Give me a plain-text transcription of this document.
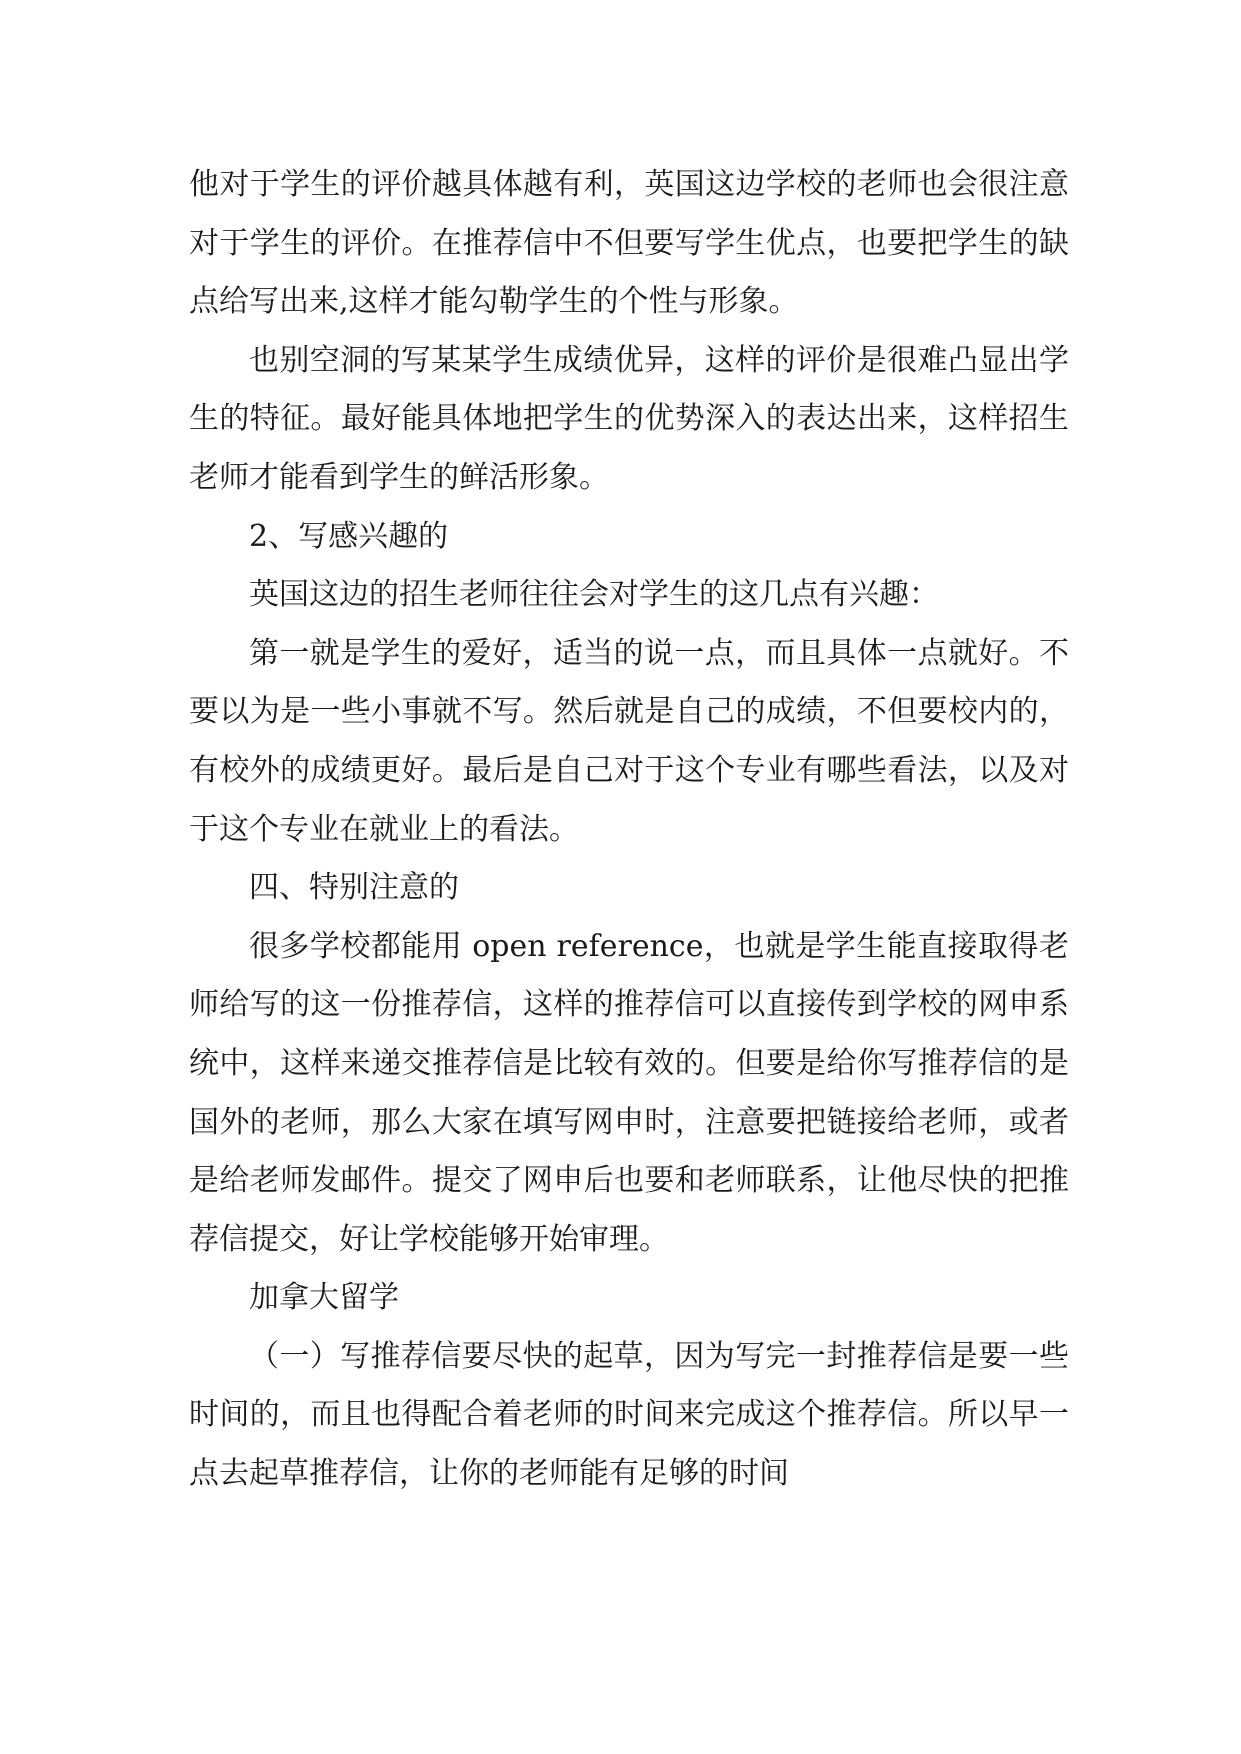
他对于学生的评价越具体越有利，英国这边学校的老师也会很注意对于学生的评价。在推荐信中不但要写学生优点，也要把学生的缺点给写出来,这样才能勾勒学生的个性与形象。

也别空洞的写某某学生成绩优异，这样的评价是很难凸显出学生的特征。最好能具体地把学生的优势深入的表达出来，这样招生老师才能看到学生的鲜活形象。

2、写感兴趣的

英国这边的招生老师往往会对学生的这几点有兴趣：

第一就是学生的爱好，适当的说一点，而且具体一点就好。不要以为是一些小事就不写。然后就是自己的成绩，不但要校内的，有校外的成绩更好。最后是自己对于这个专业有哪些看法，以及对于这个专业在就业上的看法。

四、特别注意的

很多学校都能用 open reference，也就是学生能直接取得老师给写的这一份推荐信，这样的推荐信可以直接传到学校的网申系统中，这样来递交推荐信是比较有效的。但要是给你写推荐信的是国外的老师，那么大家在填写网申时，注意要把链接给老师，或者是给老师发邮件。提交了网申后也要和老师联系，让他尽快的把推荐信提交，好让学校能够开始审理。

加拿大留学

（一）写推荐信要尽快的起草，因为写完一封推荐信是要一些时间的，而且也得配合着老师的时间来完成这个推荐信。所以早一点去起草推荐信，让你的老师能有足够的时间
